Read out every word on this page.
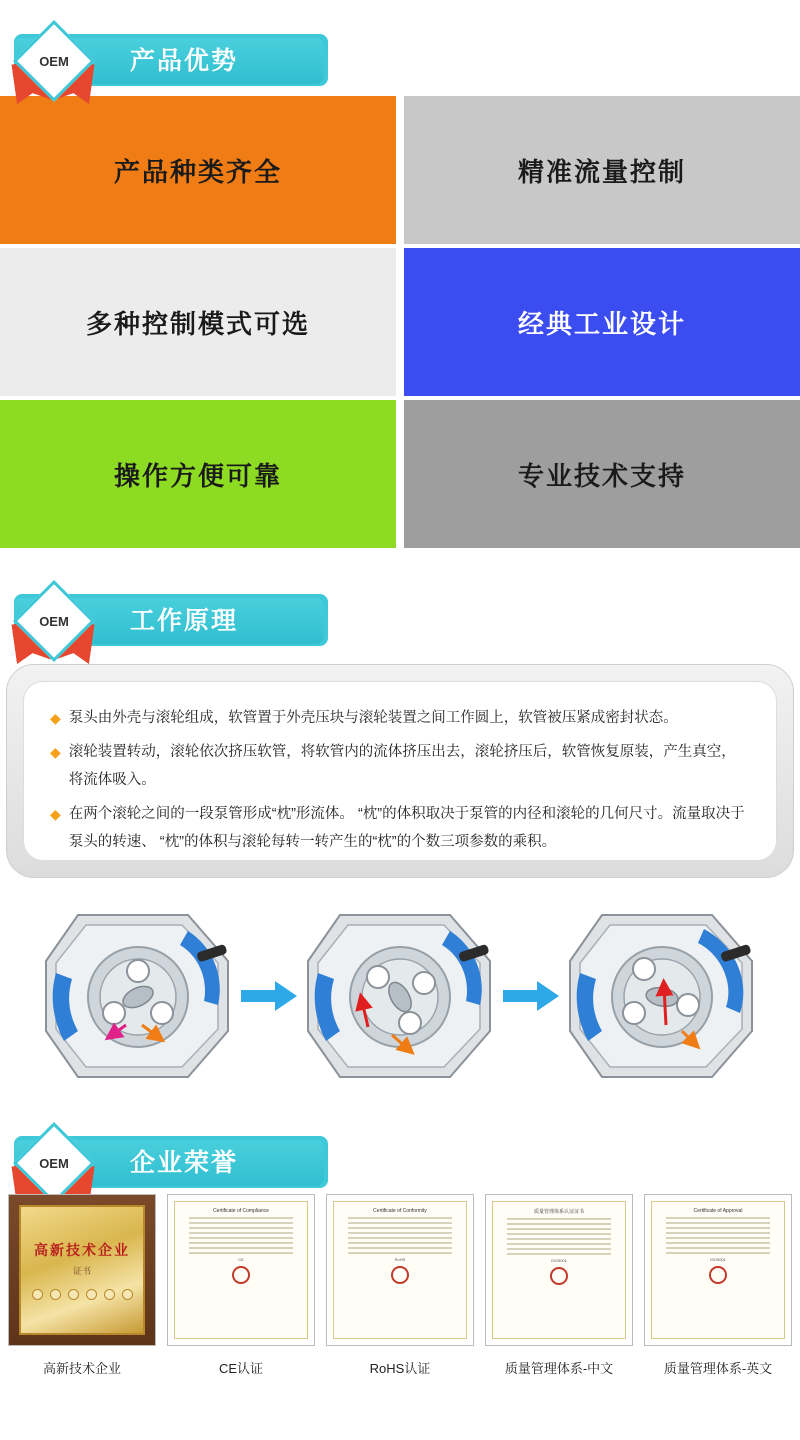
产品优势
OEM
产品种类齐全	精准流量控制
多种控制模式可选	经典工业设计
操作方便可靠	专业技术支持
工作原理
OEM
◆ 泵头由外壳与滚轮组成，软管置于外壳压块与滚轮装置之间工作圆上，软管被压紧成密封状态。
◆ 滚轮装置转动，滚轮依次挤压软管，将软管内的流体挤压出去，滚轮挤压后，软管恢复原装，产生真空，将流体吸入。
◆ 在两个滚轮之间的一段泵管形成“枕”形流体。 “枕”的体积取决于泵管的内径和滚轮的几何尺寸。流量取决于泵头的转速、 “枕”的体积与滚轮每转一转产生的“枕”的个数三项参数的乘积。
企业荣誉
OEM
高新技术企业
证书
高新技术企业
Certificate of Compliance
CE
CE认证
Certificate of Conformity
RoHS
RoHS认证
质量管理体系认证证书
ISO9001
质量管理体系-中文
Certificate of Approval
ISO9001
质量管理体系-英文
